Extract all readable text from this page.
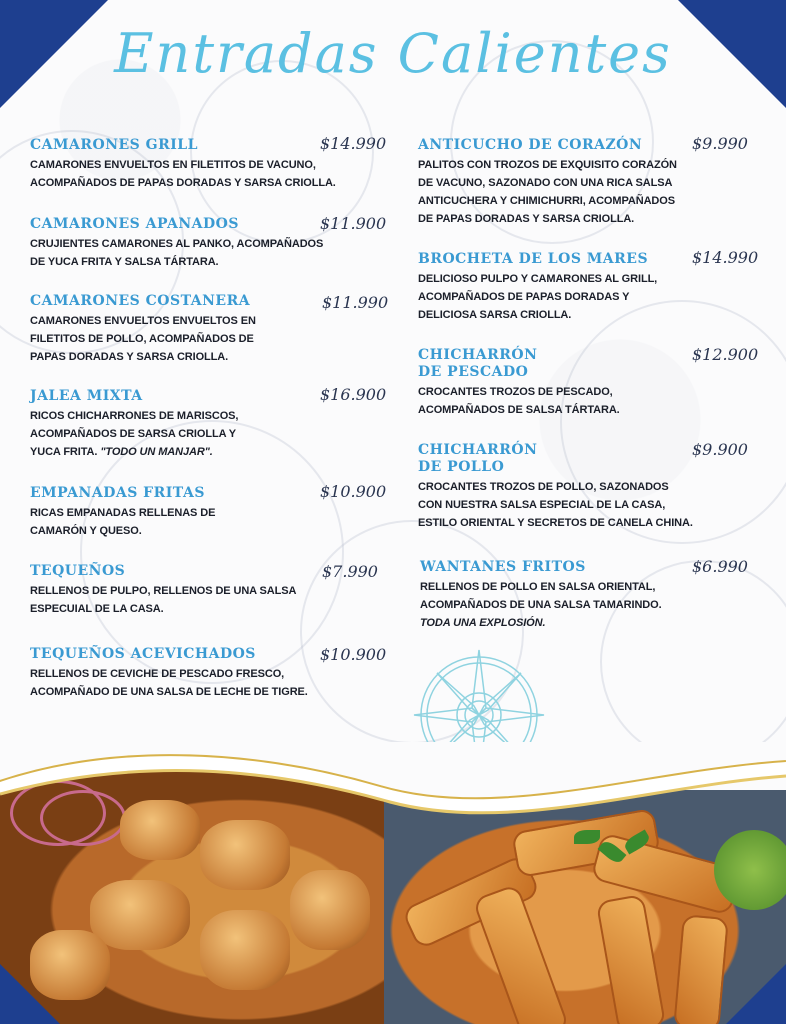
Entradas Calientes
CAMARONES GRILL	$14.990
CAMARONES ENVUELTOS EN FILETITOS DE VACUNO,
ACOMPAÑADOS DE PAPAS DORADAS Y SARSA CRIOLLA.
CAMARONES APANADOS	$11.900
CRUJIENTES CAMARONES AL PANKO, ACOMPAÑADOS
DE YUCA FRITA Y SALSA TÁRTARA.
CAMARONES COSTANERA	$11.990
CAMARONES ENVUELTOS ENVUELTOS EN
FILETITOS DE POLLO, ACOMPAÑADOS DE
PAPAS DORADAS Y SARSA CRIOLLA.
JALEA MIXTA	$16.900
RICOS CHICHARRONES DE MARISCOS,
ACOMPAÑADOS DE SARSA CRIOLLA Y
YUCA FRITA. "TODO UN MANJAR".
EMPANADAS FRITAS	$10.900
RICAS EMPANADAS RELLENAS DE
CAMARÓN Y QUESO.
TEQUEÑOS	$7.990
RELLENOS DE PULPO, RELLENOS DE UNA SALSA
ESPECUIAL DE LA CASA.
TEQUEÑOS ACEVICHADOS	$10.900
RELLENOS DE CEVICHE DE PESCADO FRESCO,
ACOMPAÑADO DE UNA SALSA DE LECHE DE TIGRE.
ANTICUCHO DE CORAZÓN	$9.990
PALITOS CON TROZOS DE EXQUISITO CORAZÓN
DE VACUNO, SAZONADO CON UNA RICA SALSA
ANTICUCHERA Y CHIMICHURRI, ACOMPAÑADOS
DE PAPAS DORADAS Y SARSA CRIOLLA.
BROCHETA DE LOS MARES	$14.990
DELICIOSO PULPO Y CAMARONES AL GRILL,
ACOMPAÑADOS DE PAPAS DORADAS Y
DELICIOSA SARSA CRIOLLA.
CHICHARRÓN
DE PESCADO
$12.900
CROCANTES TROZOS DE PESCADO,
ACOMPAÑADOS DE SALSA TÁRTARA.
CHICHARRÓN
DE POLLO
$9.900
CROCANTES TROZOS DE POLLO, SAZONADOS
CON NUESTRA SALSA ESPECIAL DE LA CASA,
ESTILO ORIENTAL Y SECRETOS DE CANELA CHINA.
WANTANES FRITOS	$6.990
RELLENOS DE POLLO EN SALSA ORIENTAL,
ACOMPAÑADOS DE UNA SALSA TAMARINDO.
TODA UNA EXPLOSIÓN.
